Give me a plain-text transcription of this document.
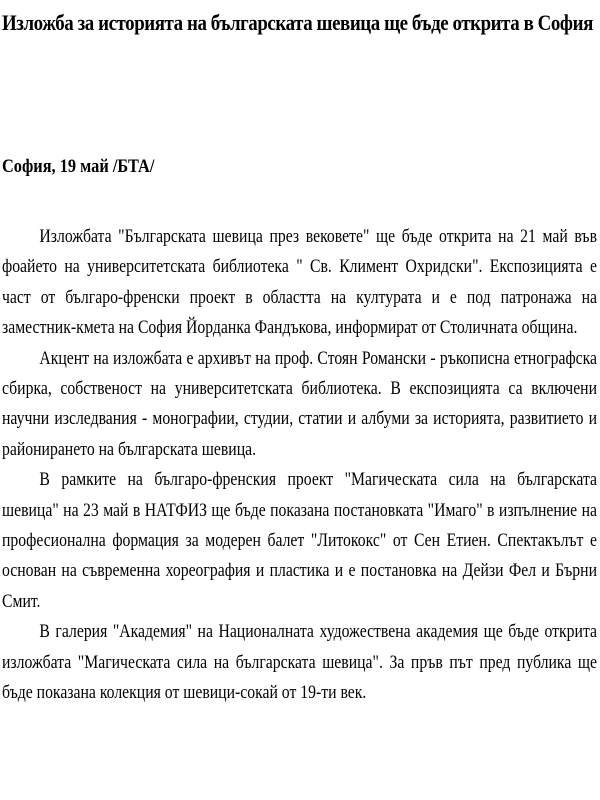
Изложба за историята на българската шевица ще бъде открита в София

София, 19 май /БТА/

Изложбата "Българската шевица през вековете" ще бъде открита на 21 май във фоайето на университетската библиотека " Св. Климент Охридски". Експозицията е част от българо-френски проект в областта на културата и е под патронажа на заместник-кмета на София Йорданка Фандъкова, информират от Столичната община.

Акцент на изложбата е архивът на проф. Стоян Романски - ръкописна етнографска сбирка, собственост на университетската библиотека. В експозицията са включени научни изследвания - монографии, студии, статии и албуми за историята, развитието и районирането на българската шевица.

В рамките на българо-френския проект "Магическата сила на българската шевица" на 23 май в НАТФИЗ ще бъде показана постановката "Имаго" в изпълнение на професионална формация за модерен балет "Литококс" от Сен Етиен. Спектакълът е основан на съвременна хореография и пластика и е постановка на Дейзи Фел и Бърни Смит.

В галерия "Академия" на Националната художествена академия ще бъде открита изложбата "Магическата сила на българската шевица". За пръв път пред публика ще бъде показана колекция от шевици-сокай от 19-ти век.
